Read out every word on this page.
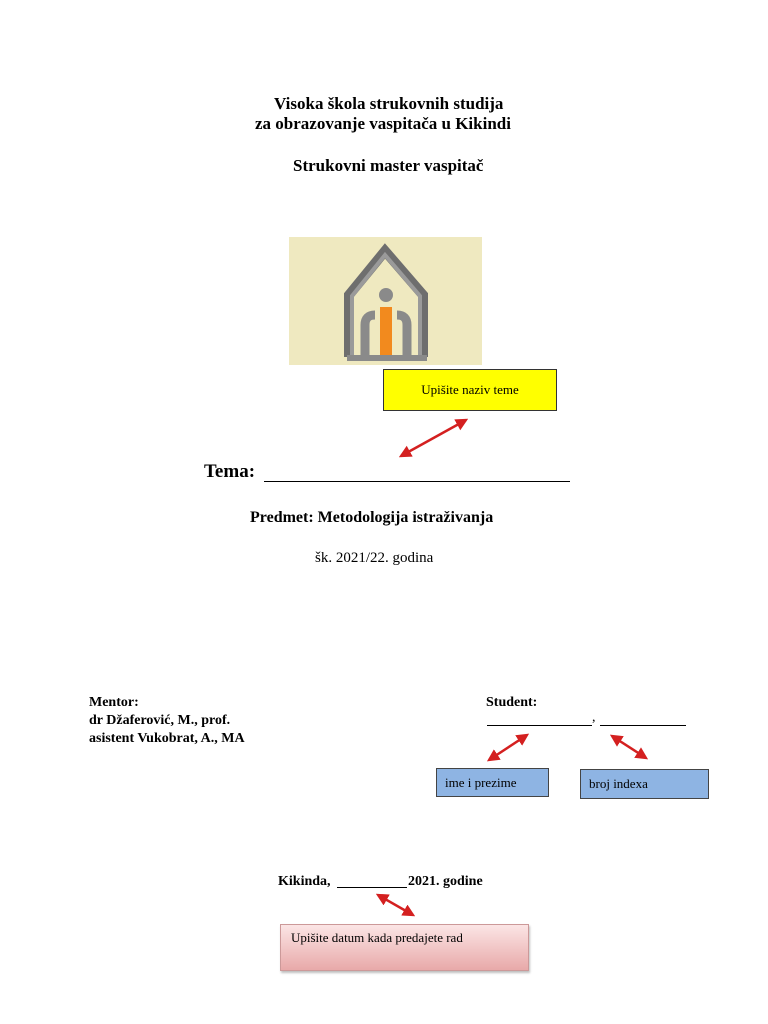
Visoka škola strukovnih studija
za obrazovanje vaspitača u Kikindi
Strukovni master vaspitač
Upišite naziv teme
Tema:
Predmet: Metodologija istraživanja
šk. 2021/22. godina
Mentor:
dr Džaferović, M., prof.
asistent Vukobrat, A., MA
Student:
,
ime i prezime	broj indexa
Kikinda,	2021. godine
Upišite datum kada predajete rad
